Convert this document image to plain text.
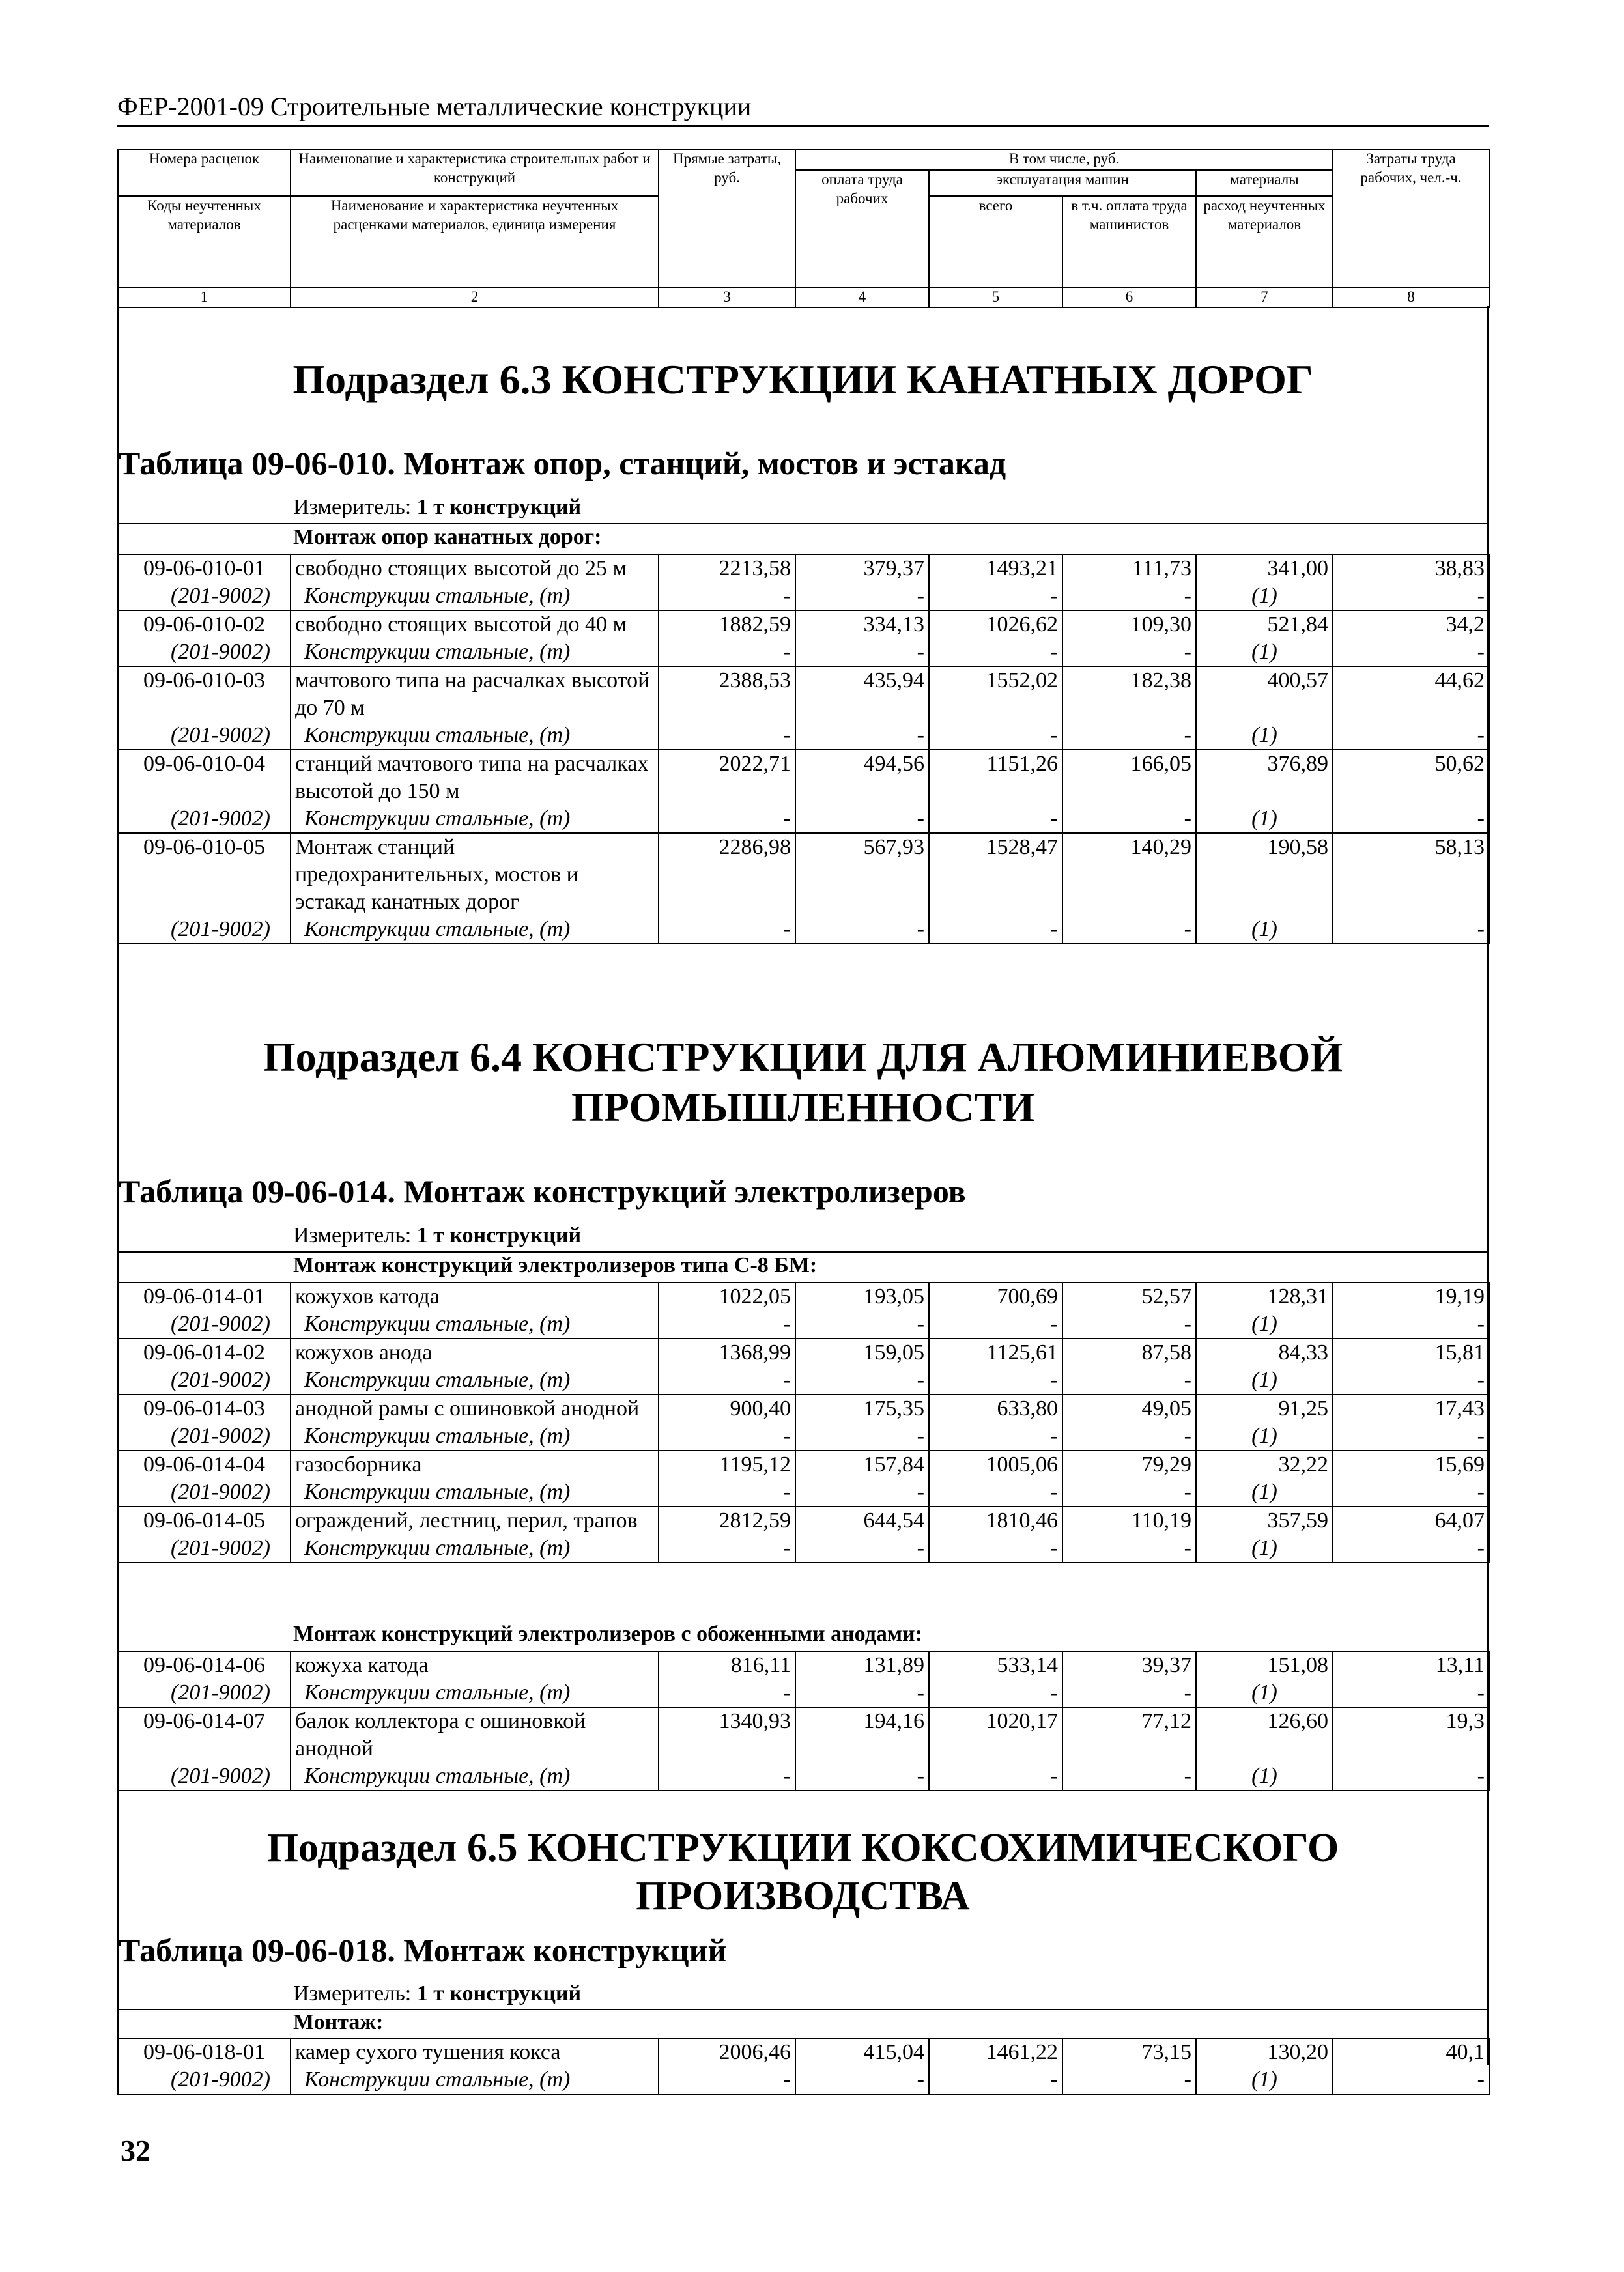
ФЕР-2001-09 Строительные металлические конструкции
Номера расценок	Наименование и характеристика строительных работ и конструкций	Прямые затраты, руб.	В том числе, руб.				Затраты труда рабочих, чел.-ч.
			оплата труда рабочих	эксплуатация машин		материалы	
Коды неучтенных материалов	Наименование и характеристика неучтенных расценками материалов, единица измерения			всего	в т.ч. оплата труда машинистов	расход неучтенных материалов	

1	2	3	4	5	6	7	8
Подраздел 6.3 КОНСТРУКЦИИ КАНАТНЫХ ДОРОГ
Таблица 09-06-010. Монтаж опор, станций, мостов и эстакад
Измеритель: 1 т конструкций
Монтаж опор канатных дорог:
09-06-010-01	свободно стоящих высотой до 25 м	2213,58	379,37	1493,21	111,73	341,00	38,83
(201-9002)	Конструкции стальные, (т)	-	-	-	-	(1)	-
09-06-010-02	свободно стоящих высотой до 40 м	1882,59	334,13	1026,62	109,30	521,84	34,2
(201-9002)	Конструкции стальные, (т)	-	-	-	-	(1)	-
09-06-010-03	мачтового типа на расчалках высотой до 70 м	2388,53	435,94	1552,02	182,38	400,57	44,62
(201-9002)	Конструкции стальные, (т)	-	-	-	-	(1)	-
09-06-010-04	станций мачтового типа на расчалках высотой до 150 м	2022,71	494,56	1151,26	166,05	376,89	50,62
(201-9002)	Конструкции стальные, (т)	-	-	-	-	(1)	-
09-06-010-05	Монтаж станций предохранительных, мостов и эстакад канатных дорог	2286,98	567,93	1528,47	140,29	190,58	58,13
(201-9002)	Конструкции стальные, (т)	-	-	-	-	(1)	-
Подраздел 6.4 КОНСТРУКЦИИ ДЛЯ АЛЮМИНИЕВОЙ ПРОМЫШЛЕННОСТИ
Таблица 09-06-014. Монтаж конструкций электролизеров
Измеритель: 1 т конструкций
Монтаж конструкций электролизеров типа С-8 БМ:
09-06-014-01	кожухов катода	1022,05	193,05	700,69	52,57	128,31	19,19
(201-9002)	Конструкции стальные, (т)	-	-	-	-	(1)	-
09-06-014-02	кожухов анода	1368,99	159,05	1125,61	87,58	84,33	15,81
(201-9002)	Конструкции стальные, (т)	-	-	-	-	(1)	-
09-06-014-03	анодной рамы с ошиновкой анодной	900,40	175,35	633,80	49,05	91,25	17,43
(201-9002)	Конструкции стальные, (т)	-	-	-	-	(1)	-
09-06-014-04	газосборника	1195,12	157,84	1005,06	79,29	32,22	15,69
(201-9002)	Конструкции стальные, (т)	-	-	-	-	(1)	-
09-06-014-05	ограждений, лестниц, перил, трапов	2812,59	644,54	1810,46	110,19	357,59	64,07
(201-9002)	Конструкции стальные, (т)	-	-	-	-	(1)	-
Монтаж конструкций электролизеров с обоженными анодами:
09-06-014-06	кожуха катода	816,11	131,89	533,14	39,37	151,08	13,11
(201-9002)	Конструкции стальные, (т)	-	-	-	-	(1)	-
09-06-014-07	балок коллектора с ошиновкой анодной	1340,93	194,16	1020,17	77,12	126,60	19,3
(201-9002)	Конструкции стальные, (т)	-	-	-	-	(1)	-
Подраздел 6.5 КОНСТРУКЦИИ КОКСОХИМИЧЕСКОГО ПРОИЗВОДСТВА
Таблица 09-06-018. Монтаж конструкций
Измеритель: 1 т конструкций
Монтаж:
09-06-018-01	камер сухого тушения кокса	2006,46	415,04	1461,22	73,15	130,20	40,1
(201-9002)	Конструкции стальные, (т)	-	-	-	-	(1)	-
32
